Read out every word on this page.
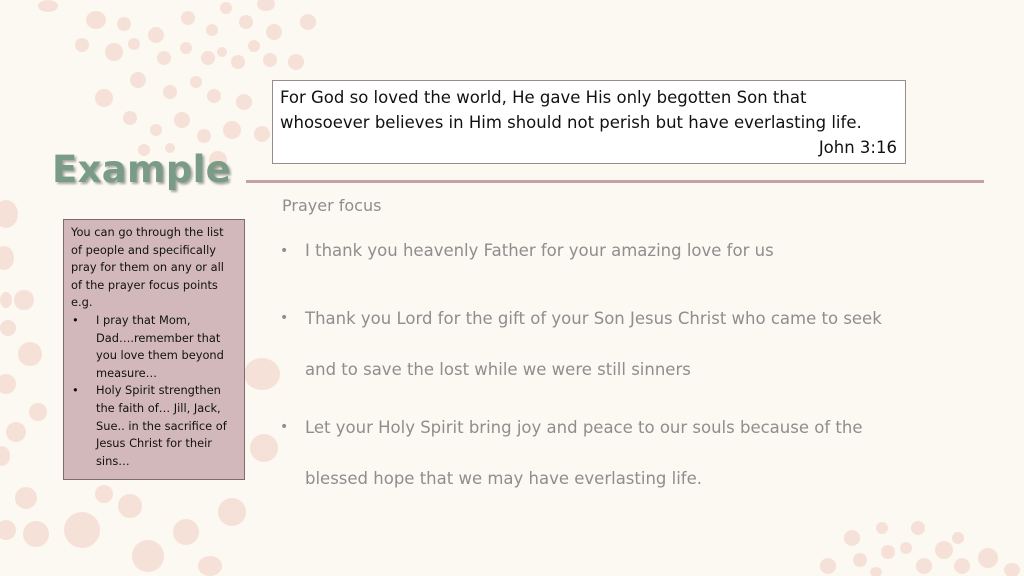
For God so loved the world, He gave His only begotten Son that
whosoever believes in Him should not perish but have everlasting life.
John 3:16
Example
Prayer focus
• I thank you heavenly Father for your amazing love for us
• Thank you Lord for the gift of your Son Jesus Christ who came to seek
and to save the lost while we were still sinners
• Let your Holy Spirit bring joy and peace to our souls because of the
blessed hope that we may have everlasting life.
You can go through the list of people and specifically pray for them on any or all of the prayer focus points e.g.
• I pray that Mom, Dad….remember that you love them beyond measure…
• Holy Spirit strengthen the faith of… Jill, Jack, Sue.. in the sacrifice of Jesus Christ for their sins…
